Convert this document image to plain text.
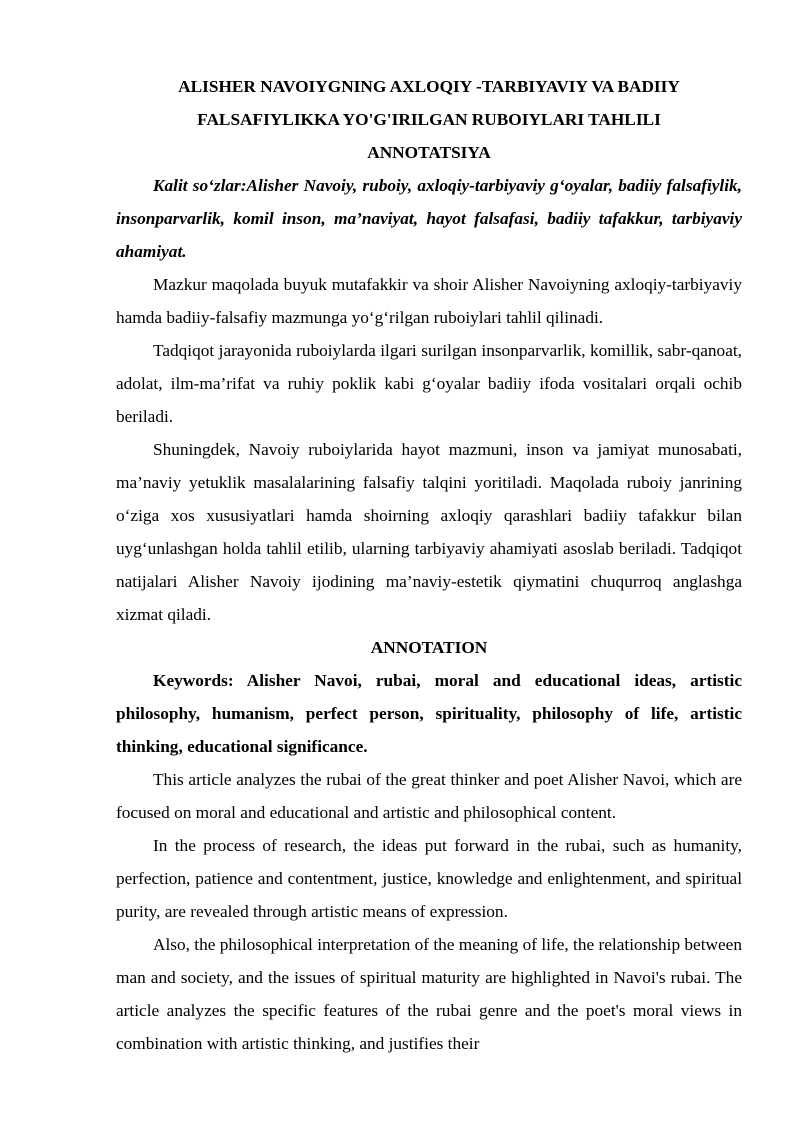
ALISHER NAVOIYGNING AXLOQIY -TARBIYAVIY VA BADIIY
FALSAFIYLIKKA YO'G'IRILGAN RUBOIYLARI TAHLILI

ANNOTATSIYA

Kalit so‘zlar:Alisher Navoiy, ruboiy, axloqiy-tarbiyaviy g‘oyalar, badiiy falsafiylik, insonparvarlik, komil inson, ma’naviyat, hayot falsafasi, badiiy tafakkur, tarbiyaviy ahamiyat.

Mazkur maqolada buyuk mutafakkir va shoir Alisher Navoiyning axloqiy-tarbiyaviy hamda badiiy-falsafiy mazmunga yo‘g‘rilgan ruboiylari tahlil qilinadi.

Tadqiqot jarayonida ruboiylarda ilgari surilgan insonparvarlik, komillik, sabr-qanoat, adolat, ilm-ma’rifat va ruhiy poklik kabi g‘oyalar badiiy ifoda vositalari orqali ochib beriladi.

Shuningdek, Navoiy ruboiylarida hayot mazmuni, inson va jamiyat munosabati, ma’naviy yetuklik masalalarining falsafiy talqini yoritiladi. Maqolada ruboiy janrining o‘ziga xos xususiyatlari hamda shoirning axloqiy qarashlari badiiy tafakkur bilan uyg‘unlashgan holda tahlil etilib, ularning tarbiyaviy ahamiyati asoslab beriladi. Tadqiqot natijalari Alisher Navoiy ijodining ma’naviy-estetik qiymatini chuqurroq anglashga xizmat qiladi.

ANNOTATION

Keywords: Alisher Navoi, rubai, moral and educational ideas, artistic philosophy, humanism, perfect person, spirituality, philosophy of life, artistic thinking, educational significance.

This article analyzes the rubai of the great thinker and poet Alisher Navoi, which are focused on moral and educational and artistic and philosophical content.

In the process of research, the ideas put forward in the rubai, such as humanity, perfection, patience and contentment, justice, knowledge and enlightenment, and spiritual purity, are revealed through artistic means of expression.

Also, the philosophical interpretation of the meaning of life, the relationship between man and society, and the issues of spiritual maturity are highlighted in Navoi's rubai. The article analyzes the specific features of the rubai genre and the poet's moral views in combination with artistic thinking, and justifies their
